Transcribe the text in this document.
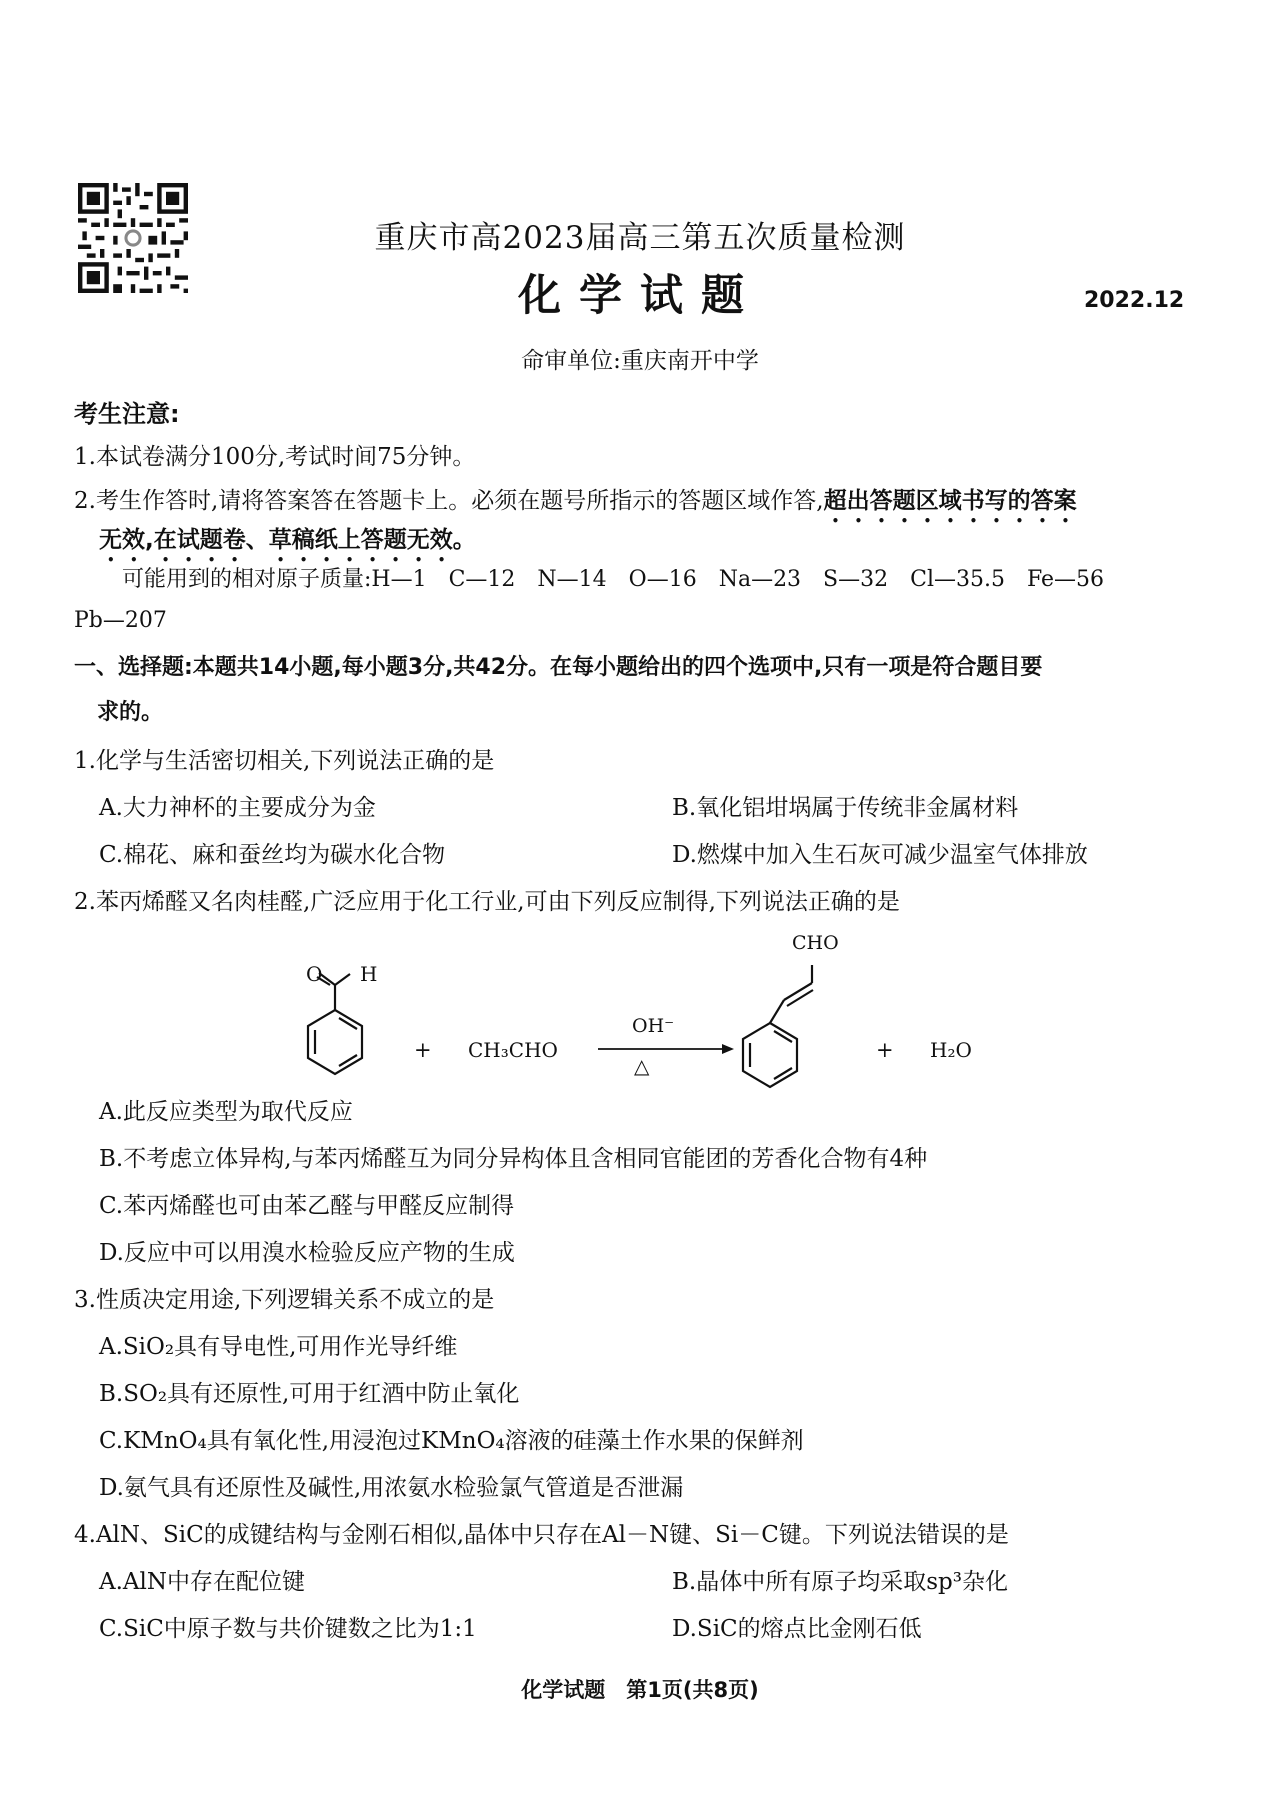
重庆市高2023届高三第五次质量检测
化学试题	2022.12
命审单位:重庆南开中学
考生注意:
1.本试卷满分100分,考试时间75分钟。
2.考生作答时,请将答案答在答题卡上。必须在题号所指示的答题区域作答,超出答题区域书写的答案
无效,在试题卷、草稿纸上答题无效。
可能用到的相对原子质量:H—1　C—12　N—14　O—16　Na—23　S—32　Cl—35.5　Fe—56
Pb—207
一、选择题:本题共14小题,每小题3分,共42分。在每小题给出的四个选项中,只有一项是符合题目要
求的。
1.化学与生活密切相关,下列说法正确的是
A.大力神杯的主要成分为金	B.氧化铝坩埚属于传统非金属材料
C.棉花、麻和蚕丝均为碳水化合物	D.燃煤中加入生石灰可减少温室气体排放
2.苯丙烯醛又名肉桂醛,广泛应用于化工行业,可由下列反应制得,下列说法正确的是
O H
+ CH₃CHO
OH⁻
△
CHO
+ H₂O
A.此反应类型为取代反应
B.不考虑立体异构,与苯丙烯醛互为同分异构体且含相同官能团的芳香化合物有4种
C.苯丙烯醛也可由苯乙醛与甲醛反应制得
D.反应中可以用溴水检验反应产物的生成
3.性质决定用途,下列逻辑关系不成立的是
A.SiO₂具有导电性,可用作光导纤维
B.SO₂具有还原性,可用于红酒中防止氧化
C.KMnO₄具有氧化性,用浸泡过KMnO₄溶液的硅藻土作水果的保鲜剂
D.氨气具有还原性及碱性,用浓氨水检验氯气管道是否泄漏
4.AlN、SiC的成键结构与金刚石相似,晶体中只存在Al－N键、Si－C键。下列说法错误的是
A.AlN中存在配位键	B.晶体中所有原子均采取sp³杂化
C.SiC中原子数与共价键数之比为1:1	D.SiC的熔点比金刚石低
化学试题　第1页(共8页)
